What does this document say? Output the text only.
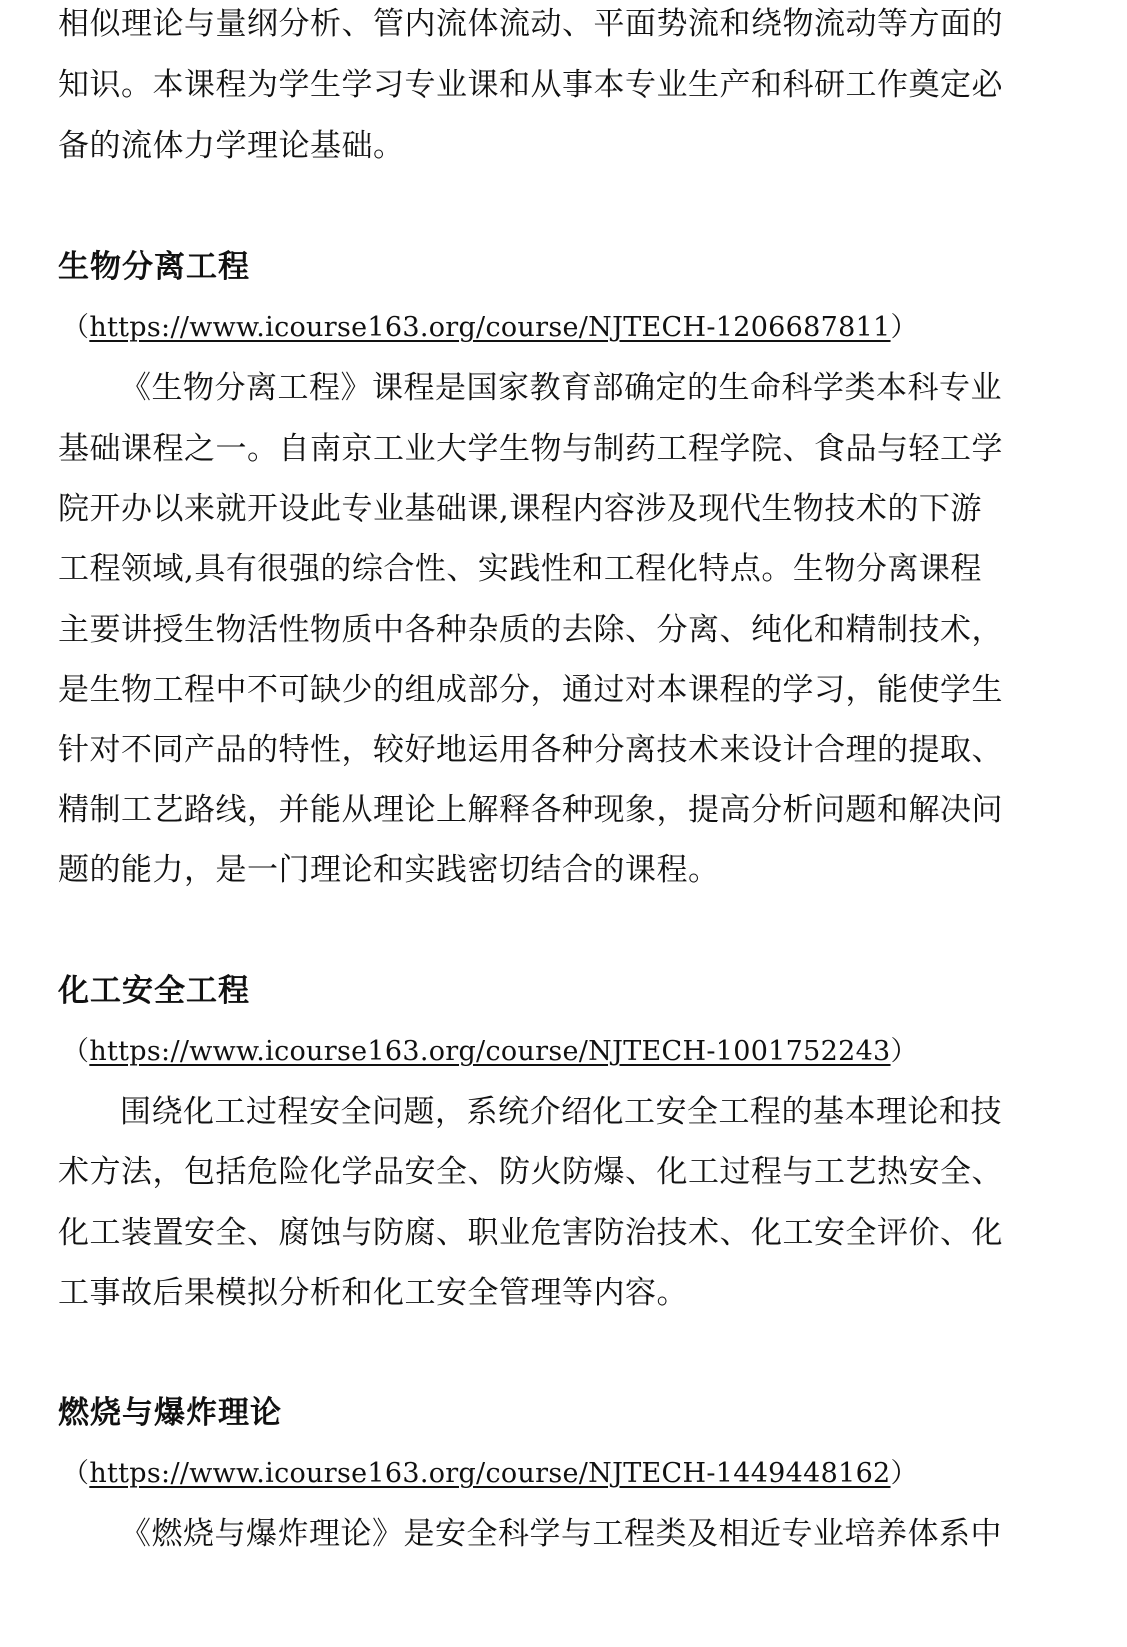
相似理论与量纲分析、管内流体流动、平面势流和绕物流动等方面的
知识。本课程为学生学习专业课和从事本专业生产和科研工作奠定必
备的流体力学理论基础。
生物分离工程
（https://www.icourse163.org/course/NJTECH-1206687811）
《生物分离工程》课程是国家教育部确定的生命科学类本科专业
基础课程之一。自南京工业大学生物与制药工程学院、食品与轻工学
院开办以来就开设此专业基础课,课程内容涉及现代生物技术的下游
工程领域,具有很强的综合性、实践性和工程化特点。生物分离课程
主要讲授生物活性物质中各种杂质的去除、分离、纯化和精制技术，
是生物工程中不可缺少的组成部分，通过对本课程的学习，能使学生
针对不同产品的特性，较好地运用各种分离技术来设计合理的提取、
精制工艺路线，并能从理论上解释各种现象，提高分析问题和解决问
题的能力，是一门理论和实践密切结合的课程。
化工安全工程
（https://www.icourse163.org/course/NJTECH-1001752243）
围绕化工过程安全问题，系统介绍化工安全工程的基本理论和技
术方法，包括危险化学品安全、防火防爆、化工过程与工艺热安全、
化工装置安全、腐蚀与防腐、职业危害防治技术、化工安全评价、化
工事故后果模拟分析和化工安全管理等内容。
燃烧与爆炸理论
（https://www.icourse163.org/course/NJTECH-1449448162）
《燃烧与爆炸理论》是安全科学与工程类及相近专业培养体系中
